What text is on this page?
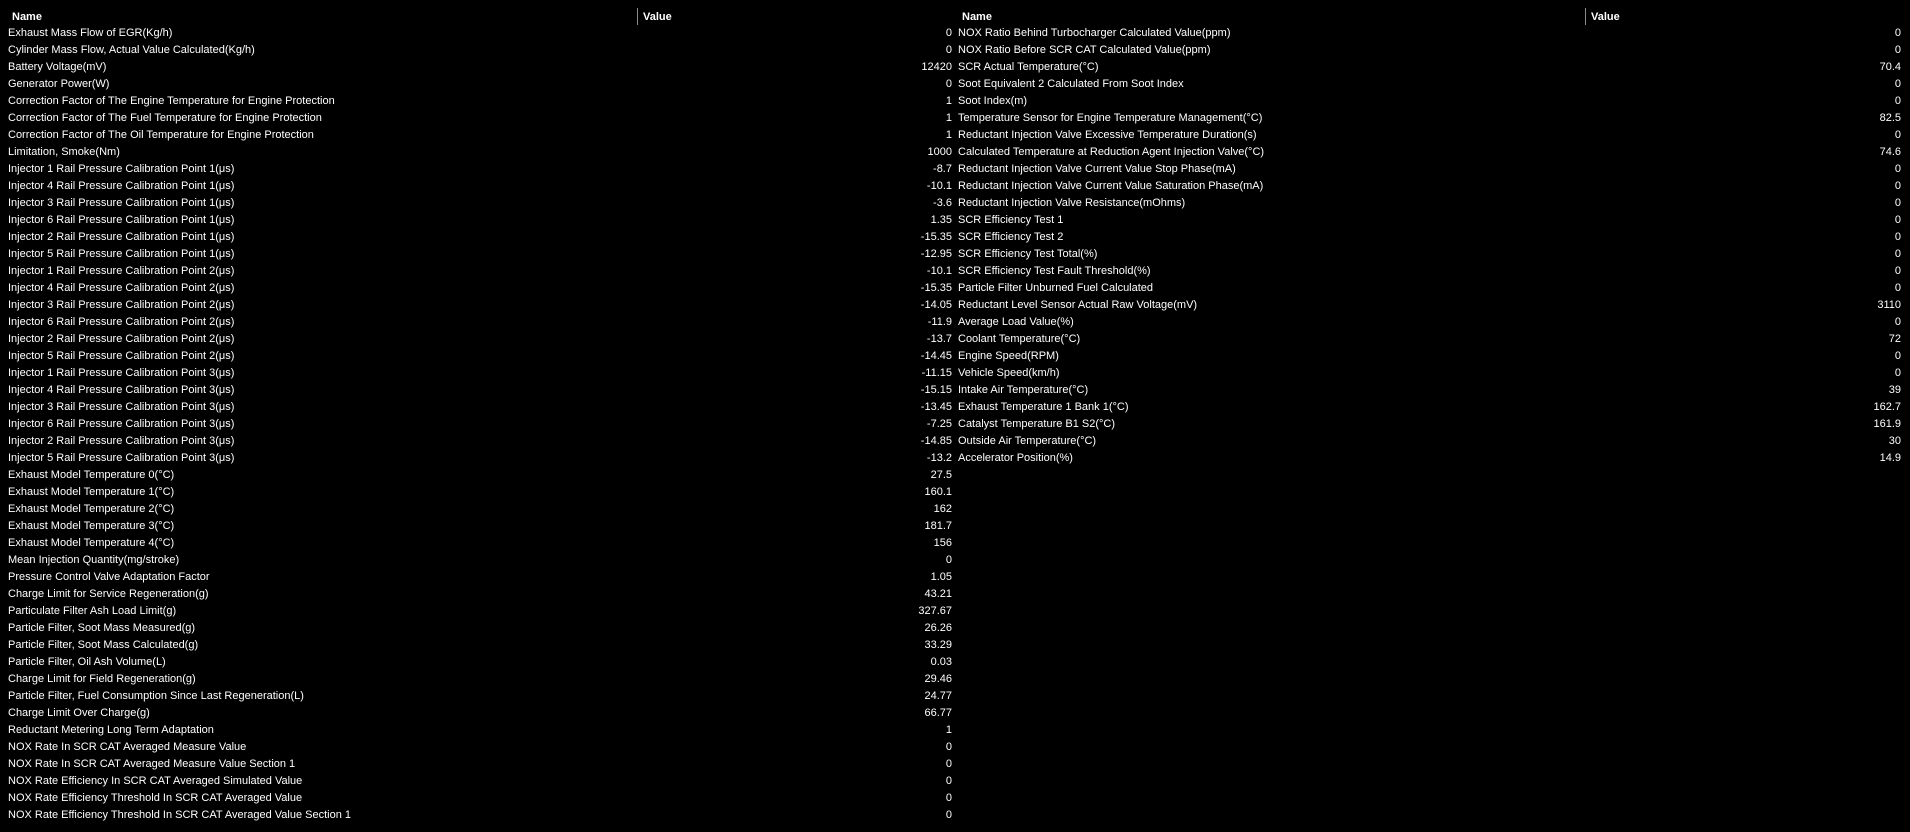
Name	Value
Exhaust Mass Flow of EGR(Kg/h)	0
Cylinder Mass Flow, Actual Value Calculated(Kg/h)	0
Battery Voltage(mV)	12420
Generator Power(W)	0
Correction Factor of The Engine Temperature for Engine Protection	1
Correction Factor of The Fuel Temperature for Engine Protection	1
Correction Factor of The Oil Temperature for Engine Protection	1
Limitation, Smoke(Nm)	1000
Injector 1 Rail Pressure Calibration Point 1(μs)	-8.7
Injector 4 Rail Pressure Calibration Point 1(μs)	-10.1
Injector 3 Rail Pressure Calibration Point 1(μs)	-3.6
Injector 6 Rail Pressure Calibration Point 1(μs)	1.35
Injector 2 Rail Pressure Calibration Point 1(μs)	-15.35
Injector 5 Rail Pressure Calibration Point 1(μs)	-12.95
Injector 1 Rail Pressure Calibration Point 2(μs)	-10.1
Injector 4 Rail Pressure Calibration Point 2(μs)	-15.35
Injector 3 Rail Pressure Calibration Point 2(μs)	-14.05
Injector 6 Rail Pressure Calibration Point 2(μs)	-11.9
Injector 2 Rail Pressure Calibration Point 2(μs)	-13.7
Injector 5 Rail Pressure Calibration Point 2(μs)	-14.45
Injector 1 Rail Pressure Calibration Point 3(μs)	-11.15
Injector 4 Rail Pressure Calibration Point 3(μs)	-15.15
Injector 3 Rail Pressure Calibration Point 3(μs)	-13.45
Injector 6 Rail Pressure Calibration Point 3(μs)	-7.25
Injector 2 Rail Pressure Calibration Point 3(μs)	-14.85
Injector 5 Rail Pressure Calibration Point 3(μs)	-13.2
Exhaust Model Temperature 0(°C)	27.5
Exhaust Model Temperature 1(°C)	160.1
Exhaust Model Temperature 2(°C)	162
Exhaust Model Temperature 3(°C)	181.7
Exhaust Model Temperature 4(°C)	156
Mean Injection Quantity(mg/stroke)	0
Pressure Control Valve Adaptation Factor	1.05
Charge Limit for Service Regeneration(g)	43.21
Particulate Filter Ash Load Limit(g)	327.67
Particle Filter, Soot Mass Measured(g)	26.26
Particle Filter, Soot Mass Calculated(g)	33.29
Particle Filter, Oil Ash Volume(L)	0.03
Charge Limit for Field Regeneration(g)	29.46
Particle Filter, Fuel Consumption Since Last Regeneration(L)	24.77
Charge Limit Over Charge(g)	66.77
Reductant Metering Long Term Adaptation	1
NOX Rate In SCR CAT Averaged Measure Value	0
NOX Rate In SCR CAT Averaged Measure Value Section 1	0
NOX Rate Efficiency In SCR CAT Averaged Simulated Value	0
NOX Rate Efficiency Threshold In SCR CAT Averaged Value	0
NOX Rate Efficiency Threshold In SCR CAT Averaged Value Section 1	0
Name	Value
NOX Ratio Behind Turbocharger Calculated Value(ppm)	0
NOX Ratio Before SCR CAT Calculated Value(ppm)	0
SCR Actual Temperature(°C)	70.4
Soot Equivalent 2 Calculated From Soot Index	0
Soot Index(m)	0
Temperature Sensor for Engine Temperature Management(°C)	82.5
Reductant Injection Valve Excessive Temperature Duration(s)	0
Calculated Temperature at Reduction Agent Injection Valve(°C)	74.6
Reductant Injection Valve Current Value Stop Phase(mA)	0
Reductant Injection Valve Current Value Saturation Phase(mA)	0
Reductant Injection Valve Resistance(mOhms)	0
SCR Efficiency Test 1	0
SCR Efficiency Test 2	0
SCR Efficiency Test Total(%)	0
SCR Efficiency Test Fault Threshold(%)	0
Particle Filter Unburned Fuel Calculated	0
Reductant Level Sensor Actual Raw Voltage(mV)	3110
Average Load Value(%)	0
Coolant Temperature(°C)	72
Engine Speed(RPM)	0
Vehicle Speed(km/h)	0
Intake Air Temperature(°C)	39
Exhaust Temperature 1 Bank 1(°C)	162.7
Catalyst Temperature B1 S2(°C)	161.9
Outside Air Temperature(°C)	30
Accelerator Position(%)	14.9
